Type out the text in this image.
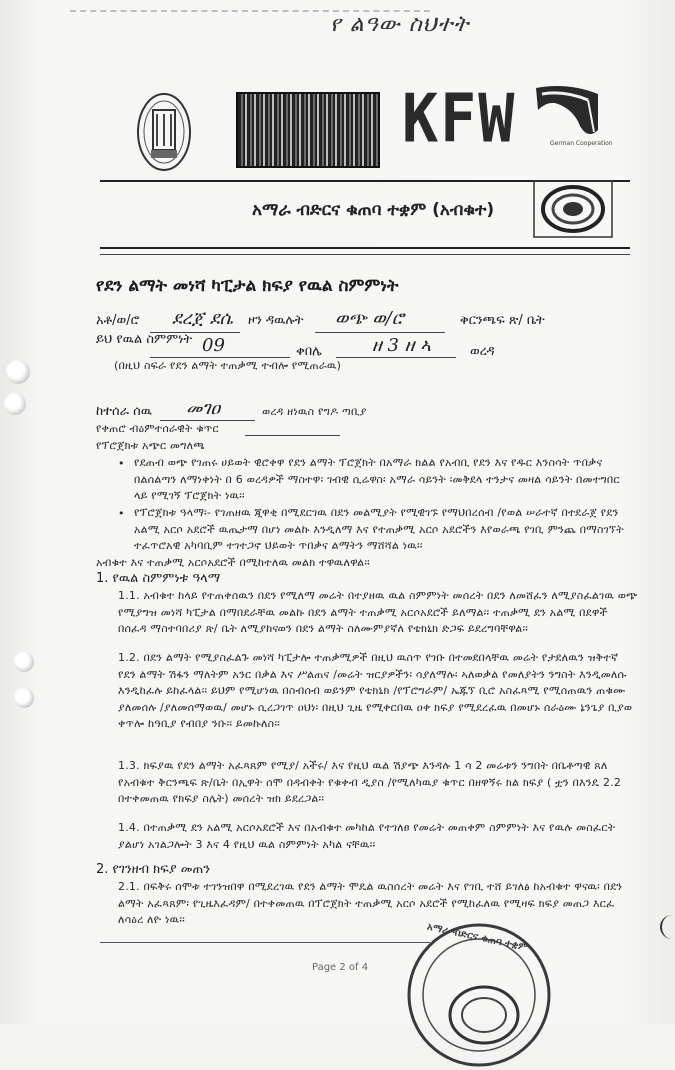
የ ልዓው ስህተት
KFW	German Cooperation
አማራ ብድርና ቁጠባ ተቋም (አብቁተ)
የደን ልማት መነሻ ካፒታል ክፍያ የዉል ስምምነት
አቶ/ወ/ሮ ደረጀ ደሴ ዞን ዳዉሉት ወጭ ወ/ሮ	ቅርንጫፍ ጽ/ ቤት
ይህ የዉል ስምምነት 09	ቀበሌ	ዘ 3 ዘ ኣ	ወረዳ
(በዚህ ስፍራ የደን ልማት ተጠቃሚ ተብሎ የሚጠራዉ)
ከተሰራ ሰዉ መገዐ	ወረዳ ዘነዉስ የግዶ ጣቢያ
የቀጠሮ ብዕምተሰራዊት ቁጥር
የፕሮጀክቱ አጭር መግለጫ
• የደጠብ ወጭ የገጠሩ ሀይወት ዊሮቀዋ የደን ልማት ፕሮጀክት በአማራ ክልል የአብቢ የደን እና የዱር እንስሳት ጥበቃና በልሰልጣን ለማነቀነት በ 6 ወረዳዎች ማስተዋ፡ ገብዊ ሲሬዋስ፡ አማራ ሳይንት ፡መቅደላ ተንታና መዛል ሳይንት በመተግበር ላይ የሚገኝ ፕሮጀክት ነዉ፡፡
• የፕሮጀክቱ ዓላማ፡- የገጠዘዉ ጂዋቂ በሚደርገዉ በደን መልሚያት የሚዊገኙ የማህበረሰብ /የወል ሠራተኛ በተደራጀ የደን አልሚ አርሶ አደሮች ዉጤታማ በሆነ መልኩ እንዲለማ እና የተጠቃሚ አርሶ አደሮችን እየወራጫ የገቢ ምንጨ በማስገኘት ተፈጥሮአዊ አካባቢም ተገተጋኖ ህይወት ጥበቃና ልማትን ማሸሻል ነዉ፡፡
አብቁተ እና ተጠቃሚ አርሶአደሮች በሚከተለዉ መልክ ተዋዉለዋል፡፡
1. የዉል ስምምነቱ ዓላማ
1.1. አብቁተ ከላይ የተጠቀሰዉን በደን የሚለማ መሬት በተያዘዉ ዉል ስምምነት መሰረት በደን ለመሸፈን ለሚያስፈልገዉ ወጭ የሚያግዝ መነሻ ካፒታል በማበደራቸዉ መልኩ በደን ልማት ተጠቃሚ አርሶአደሮች ይለማል፡፡ ተጠቃሚ ደን አልሚ በደዋች በሰፈዳ ማስተባበሪያ ጽ/ ቤት ለሚያከናወን በደን ልማት ስለሙምያኛለ የቴክኒክ ድጋፍ ይደረግባቸዋል፡፡
1.2. በደን ልማት የሚያስፈልጉ መነሻ ካፒታሎ ተጠቃሚዎች በዚህ ዉስጥ የገቡ በተመደበላቸዉ መሬት የታደለዉን ዝቅተኛ የደን ልማት ሽፋን ማለትም አንር በቃል እና ሥልጠና /መሬት ዝርያዎችን፡ ሳያለማሉ፡ ኣለወቃል የመለያትን ንግስት እንዲመለሱ እንዲከፈሉ ይከፈላል፡፡ ይህም የሚሆነዉ በስብሰብ ወይንም የቴክኒክ /የፕሮግራም/ ኤጁኘ ቢሮ አስፈጻሚ የሚሰጠዉን ጠቁሙ ያለመሰሉ /ያለመሰማወዉ/ መሆኑ ሲረጋገጥ ዐህነ፡ በዚህ ጊዜ የሚቀርበዉ ዐቀ ክፍያ የሚደረፈዉ በመሆኑ ሰራዕሙ ኔንጌያ ቢያወ ቀጥሎ ከዓቢያ የብበያ ንቡ፡፡ ይመኩለስ፡፡
1.3. ክፍያዉ የደን ልማት አፈጻጸም የሚያ/ አችሩ/ እና የዚህ ዉል ሽያጭ እንዳሉ 1 ሳ 2 መሬቱን ንግበት በቤቶጣዊ ጸለ የአብቁተ ቅርንጫፍ ጽ/ቤት በኢዋት ሰሞ በዳብቀት የቁቀብ ዲያስ /የሚለካዉያ ቁጥር በዘዋኝሩ ክል ክፍያ ( ቷን በእንዴ 2.2 በተቀመጠዉ የክፍያ ስሌት) መሰረት ዝክ ይደረጋል፡፡
1.4. በተጠቃሚ ደን አልሚ አርሶአደሮች እና በአብቁተ መካከል የተገለፀ የመሬት መጠቀም ስምምነት እና የዉሉ መስፈርት ያልሆነ አገልጋሎት 3 እና 4 የዚህ ዉል ስምምነት አካል ናቸዉ፡፡
2. የገንዘብ ክፍያ መጠን
2.1. በፍቅሩ ሰሞቱ ተገንዝበዋ በሚደረገዉ የደን ልማት ሞዴል ዉስሰረት መሬት እና የገቢ ተሸ ይገለፅ ከአብቁተ ዋናዉ፡ በደን ልማት አፈጻጸም፡ የጊዜእፈዳም/ በተቀመጠዉ በፕሮጀክት ተጠቃሚ አርሶ አደሮች የሚከፈለዉ የሚዛፍ ክፍያ መጠጋ እርፈ ለሳዕረ ለዮ ነዉ፡፡
Page 2 of 4
አማራ ብድርና ቁጠባ ተቋም
